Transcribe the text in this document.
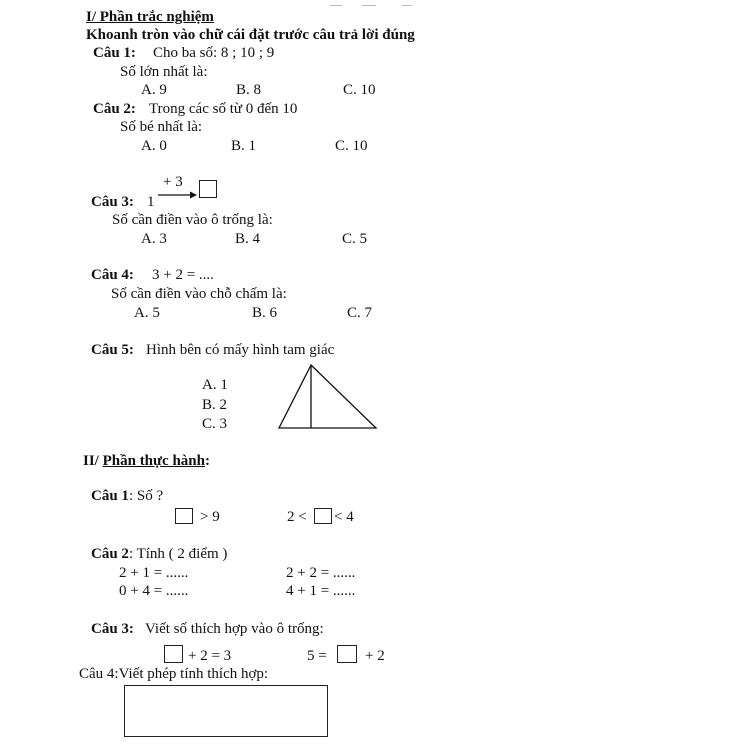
I/ Phần trắc nghiệm
Khoanh tròn vào chữ cái đặt trước câu trả lời đúng
Câu 1: Cho ba số: 8 ; 10 ; 9
Số lớn nhất là:
A. 9	B. 8	C. 10
Câu 2: Trong các số từ 0 đến 10
Số bé nhất là:
A. 0	B. 1	C. 10
+ 3
Câu 3: 1
Số cần điền vào ô trống là:
A. 3	B. 4	C. 5
Câu 4: 3 + 2 = ....
Số cần điền vào chỗ chấm là:
A. 5	B. 6	C. 7
Câu 5: Hình bên có mấy hình tam giác
A. 1
B. 2
C. 3
II/ Phần thực hành:
Câu 1: Số ?
> 9	2 < < 4
Câu 2: Tính ( 2 điểm )
2 + 1 = ......	2 + 2 = ......
0 + 4 = ......	4 + 1 = ......
Câu 3: Viết số thích hợp vào ô trống:
+ 2 = 3	5 =	+ 2
Câu 4:Viết phép tính thích hợp:
